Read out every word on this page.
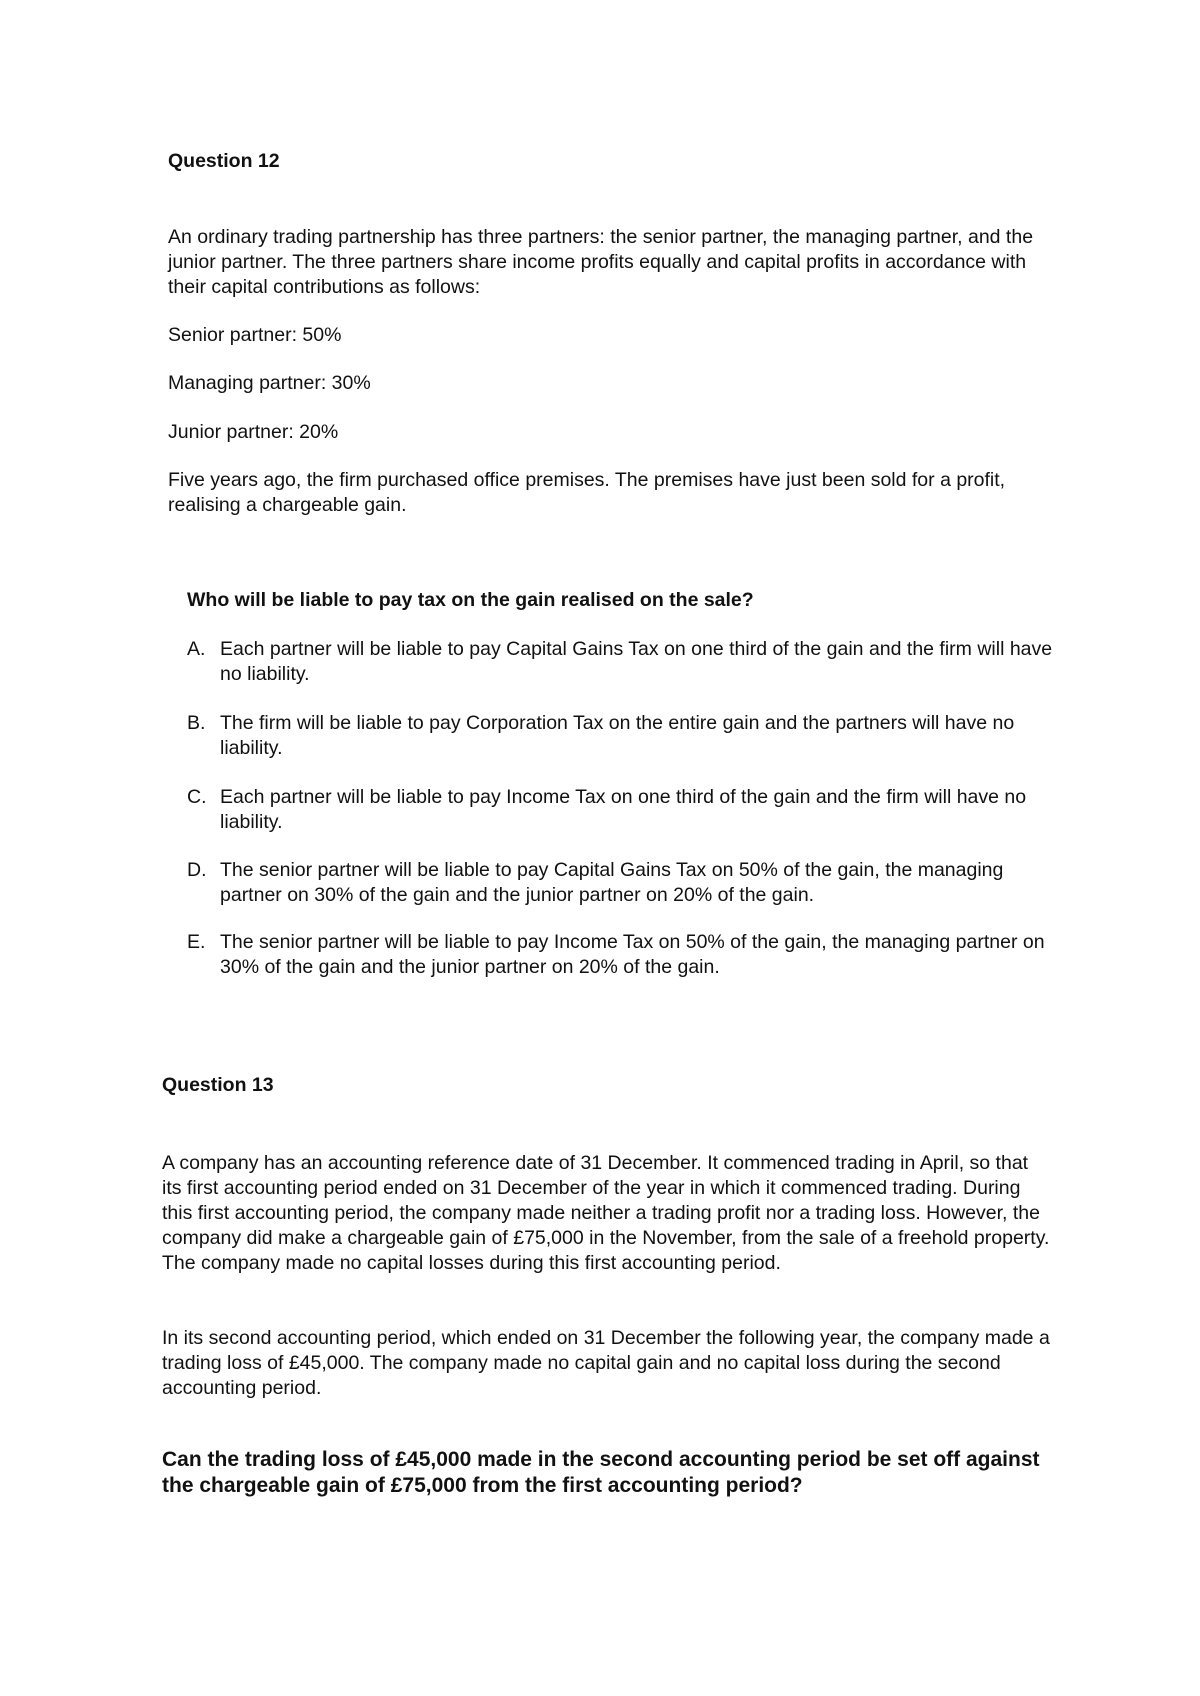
Question 12

An ordinary trading partnership has three partners: the senior partner, the managing partner, and the junior partner. The three partners share income profits equally and capital profits in accordance with their capital contributions as follows:

Senior partner: 50%

Managing partner: 30%

Junior partner: 20%

Five years ago, the firm purchased office premises. The premises have just been sold for a profit, realising a chargeable gain.

Who will be liable to pay tax on the gain realised on the sale?

A. Each partner will be liable to pay Capital Gains Tax on one third of the gain and the firm will have no liability.
B. The firm will be liable to pay Corporation Tax on the entire gain and the partners will have no liability.
C. Each partner will be liable to pay Income Tax on one third of the gain and the firm will have no liability.
D. The senior partner will be liable to pay Capital Gains Tax on 50% of the gain, the managing partner on 30% of the gain and the junior partner on 20% of the gain.
E. The senior partner will be liable to pay Income Tax on 50% of the gain, the managing partner on 30% of the gain and the junior partner on 20% of the gain.
Question 13

A company has an accounting reference date of 31 December. It commenced trading in April, so that its first accounting period ended on 31 December of the year in which it commenced trading. During this first accounting period, the company made neither a trading profit nor a trading loss. However, the company did make a chargeable gain of £75,000 in the November, from the sale of a freehold property. The company made no capital losses during this first accounting period.

In its second accounting period, which ended on 31 December the following year, the company made a trading loss of £45,000. The company made no capital gain and no capital loss during the second accounting period.

Can the trading loss of £45,000 made in the second accounting period be set off against the chargeable gain of £75,000 from the first accounting period?
